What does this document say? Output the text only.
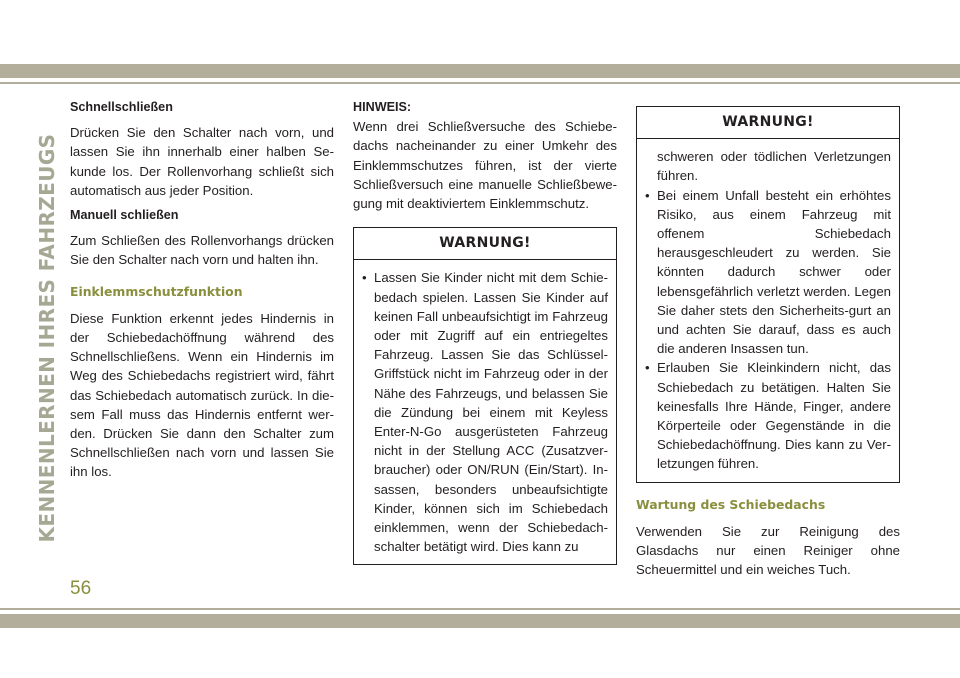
KENNENLERNEN IHRES FAHRZEUGS
Schnellschließen

Drücken Sie den Schalter nach vorn, und lassen Sie ihn innerhalb einer halben Se-kunde los. Der Rollenvorhang schließt sich automatisch aus jeder Position.

Manuell schließen

Zum Schließen des Rollenvorhangs drücken Sie den Schalter nach vorn und halten ihn.

Einklemmschutzfunktion

Diese Funktion erkennt jedes Hindernis in der Schiebedachöffnung während des Schnellschließens. Wenn ein Hindernis im Weg des Schiebedachs registriert wird, fährt das Schiebedach automatisch zurück. In die-sem Fall muss das Hindernis entfernt wer-den. Drücken Sie dann den Schalter zum Schnellschließen nach vorn und lassen Sie ihn los.

HINWEIS:

Wenn drei Schließversuche des Schiebe-dachs nacheinander zu einer Umkehr des Einklemmschutzes führen, ist der vierte Schließversuch eine manuelle Schließbewe-gung mit deaktiviertem Einklemmschutz.

WARNUNG!
• Lassen Sie Kinder nicht mit dem Schie-bedach spielen. Lassen Sie Kinder auf keinen Fall unbeaufsichtigt im Fahrzeug oder mit Zugriff auf ein entriegeltes Fahrzeug. Lassen Sie das Schlüssel-Griffstück nicht im Fahrzeug oder in der Nähe des Fahrzeugs, und belassen Sie die Zündung bei einem mit Keyless Enter-N-Go ausgerüsteten Fahrzeug nicht in der Stellung ACC (Zusatzver-braucher) oder ON/RUN (Ein/Start). In-sassen, besonders unbeaufsichtigte Kinder, können sich im Schiebedach einklemmen, wenn der Schiebedach-schalter betätigt wird. Dies kann zu
WARNUNG!
schweren oder tödlichen Verletzungen führen.
• Bei einem Unfall besteht ein erhöhtes Risiko, aus einem Fahrzeug mit offenem Schiebedach herausgeschleudert zu werden. Sie könnten dadurch schwer oder lebensgefährlich verletzt werden. Legen Sie daher stets den Sicherheits-gurt an und achten Sie darauf, dass es auch die anderen Insassen tun.
• Erlauben Sie Kleinkindern nicht, das Schiebedach zu betätigen. Halten Sie keinesfalls Ihre Hände, Finger, andere Körperteile oder Gegenstände in die Schiebedachöffnung. Dies kann zu Ver-letzungen führen.
Wartung des Schiebedachs

Verwenden Sie zur Reinigung des Glasdachs nur einen Reiniger ohne Scheuermittel und ein weiches Tuch.

56
